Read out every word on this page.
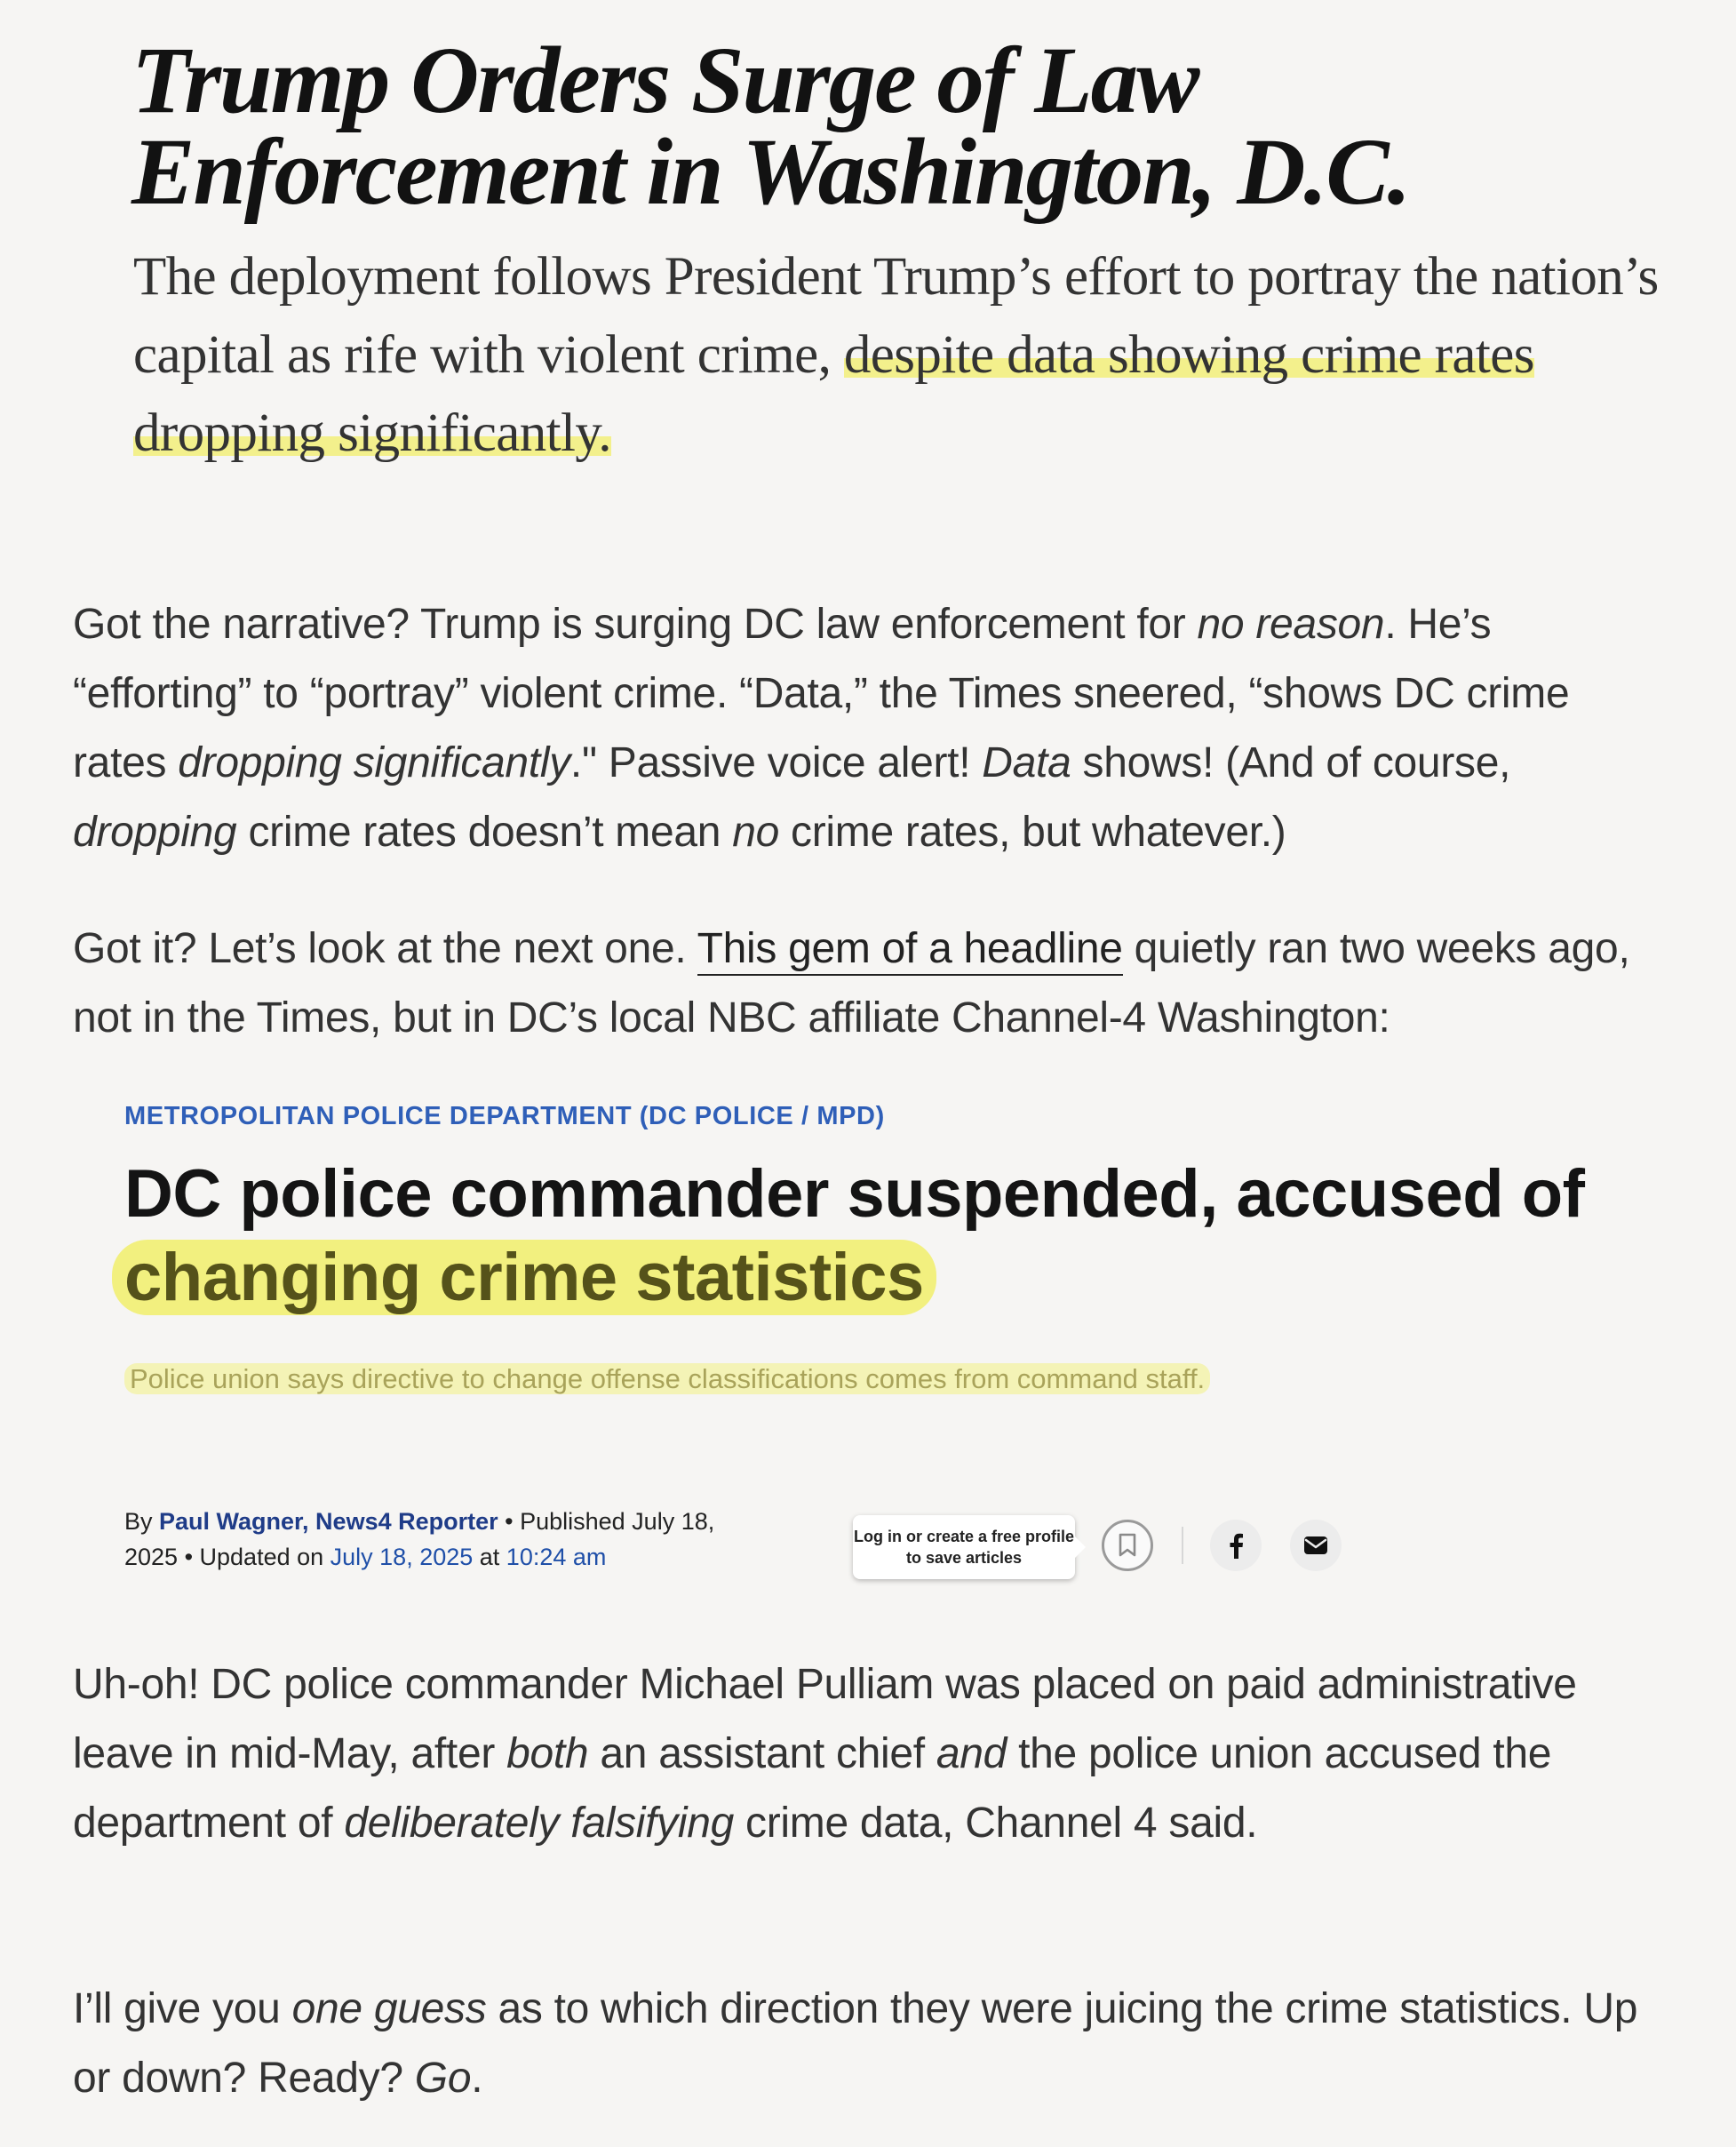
Trump Orders Surge of Law Enforcement in Washington, D.C.

The deployment follows President Trump’s effort to portray the nation’s capital as rife with violent crime, despite data showing crime rates dropping significantly.

Got the narrative? Trump is surging DC law enforcement for no reason. He’s “efforting” to “portray” violent crime. “Data,” the Times sneered, “shows DC crime rates dropping significantly." Passive voice alert! Data shows! (And of course, dropping crime rates doesn’t mean no crime rates, but whatever.)

Got it? Let’s look at the next one. This gem of a headline quietly ran two weeks ago, not in the Times, but in DC’s local NBC affiliate Channel-4 Washington:

METROPOLITAN POLICE DEPARTMENT (DC POLICE / MPD)

DC police commander suspended, accused of changing crime statistics

Police union says directive to change offense classifications comes from command staff.

By Paul Wagner, News4 Reporter • Published July 18, 2025 • Updated on July 18, 2025 at 10:24 am
Log in or create a free profile to save articles

Uh-oh! DC police commander Michael Pulliam was placed on paid administrative leave in mid-May, after both an assistant chief and the police union accused the department of deliberately falsifying crime data, Channel 4 said.

I’ll give you one guess as to which direction they were juicing the crime statistics. Up or down? Ready? Go.
